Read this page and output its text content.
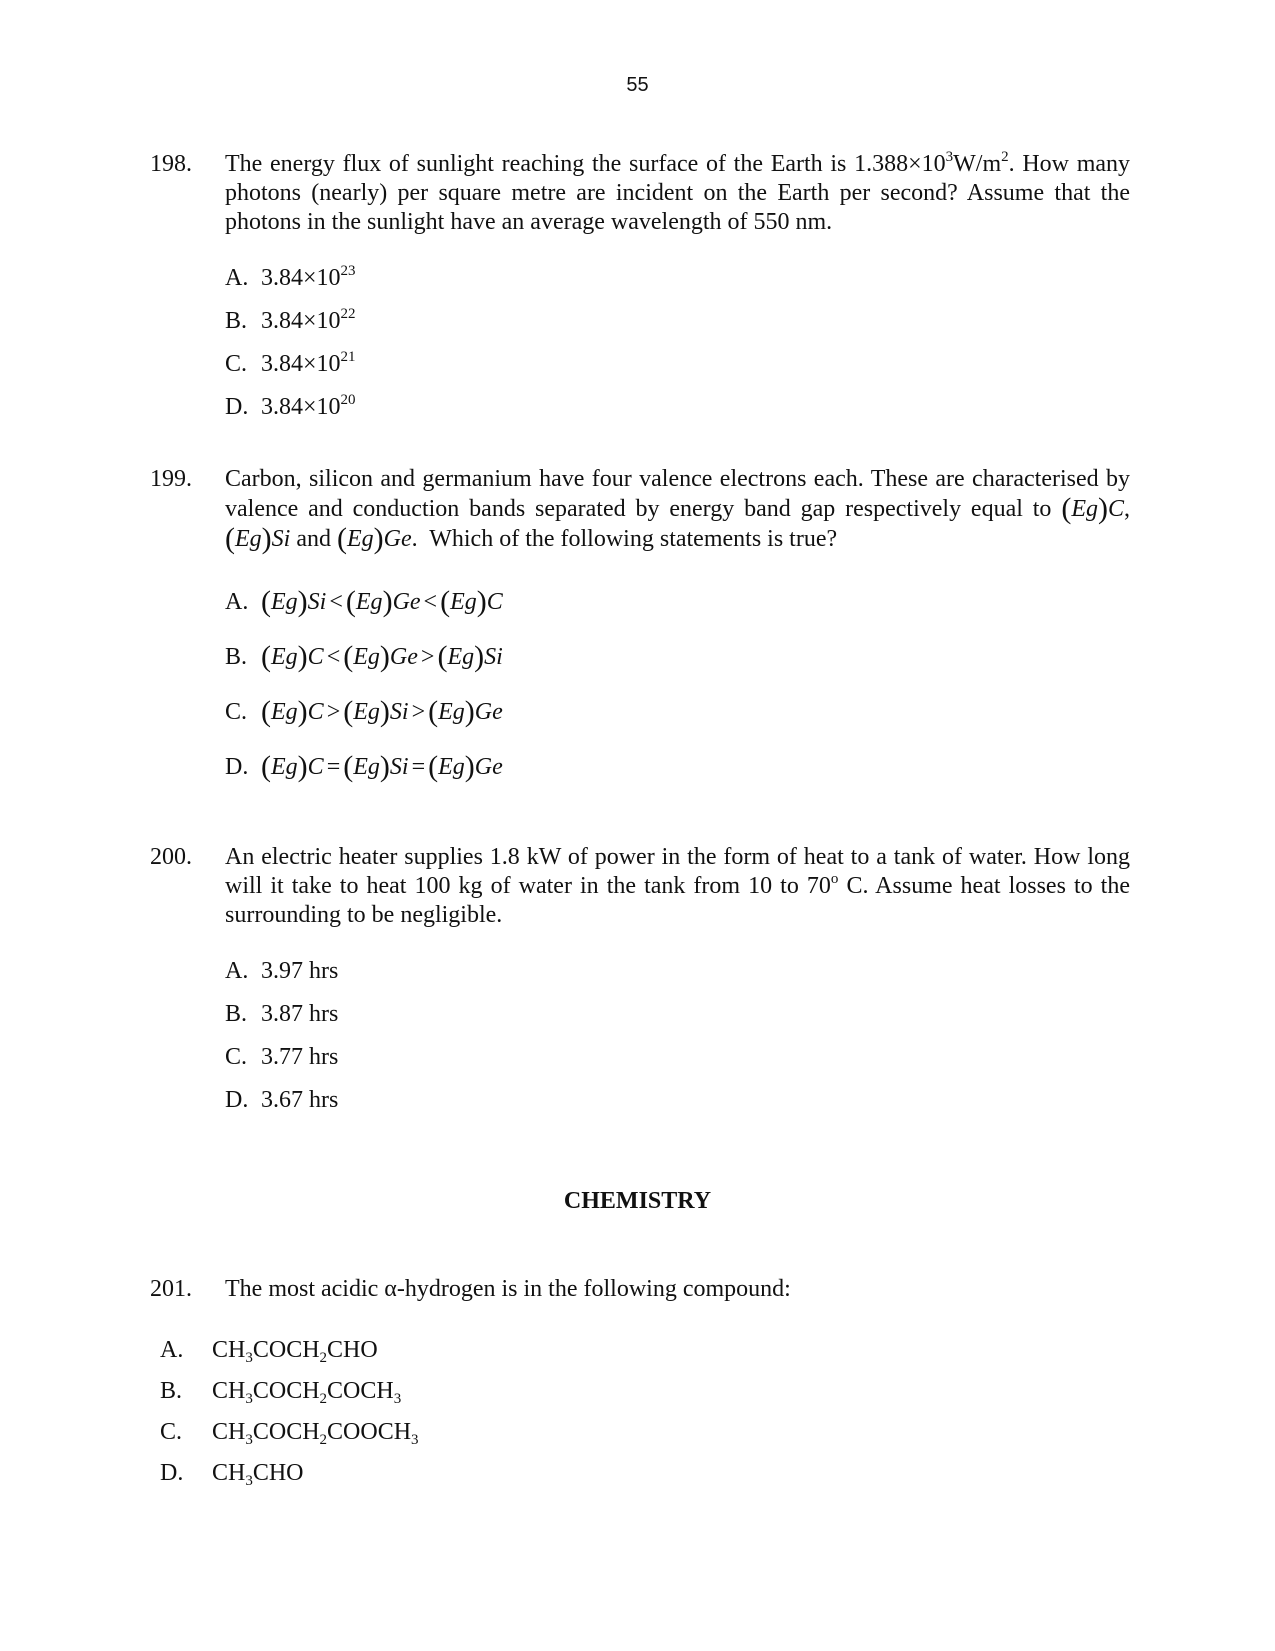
55
198. The energy flux of sunlight reaching the surface of the Earth is $1.388\times 10^3W/m^2$. How many photons (nearly) per square metre are incident on the Earth per second? Assume that the photons in the sunlight have an average wavelength of 550 nm.
A. $3.84\times 10^{23}$
B. $3.84\times 10^{22}$
C. $3.84\times 10^{21}$
D. $3.84\times 10^{20}$
199. Carbon, silicon and germanium have four valence electrons each. These are characterised by valence and conduction bands separated by energy band gap respectively equal to (Eg)C, (Eg)Si and (Eg)Ge. Which of the following statements is true?
A. (Eg)Si < (Eg)Ge < (Eg)C
B. (Eg)C < (Eg)Ge > (Eg)Si
C. (Eg)C > (Eg)Si > (Eg)Ge
D. (Eg)C = (Eg)Si = (Eg)Ge
200. An electric heater supplies 1.8 kW of power in the form of heat to a tank of water. How long will it take to heat 100 kg of water in the tank from 10 to 70$^o$ C. Assume heat losses to the surrounding to be negligible.
A. 3.97 hrs
B. 3.87 hrs
C. 3.77 hrs
D. 3.67 hrs
CHEMISTRY
201. The most acidic α-hydrogen is in the following compound:
A. $CH_3COCH_2CHO$
B. $CH_3COCH_2COCH_3$
C. $CH_3COCH_2COOCH_3$
D. $CH_3CHO$
